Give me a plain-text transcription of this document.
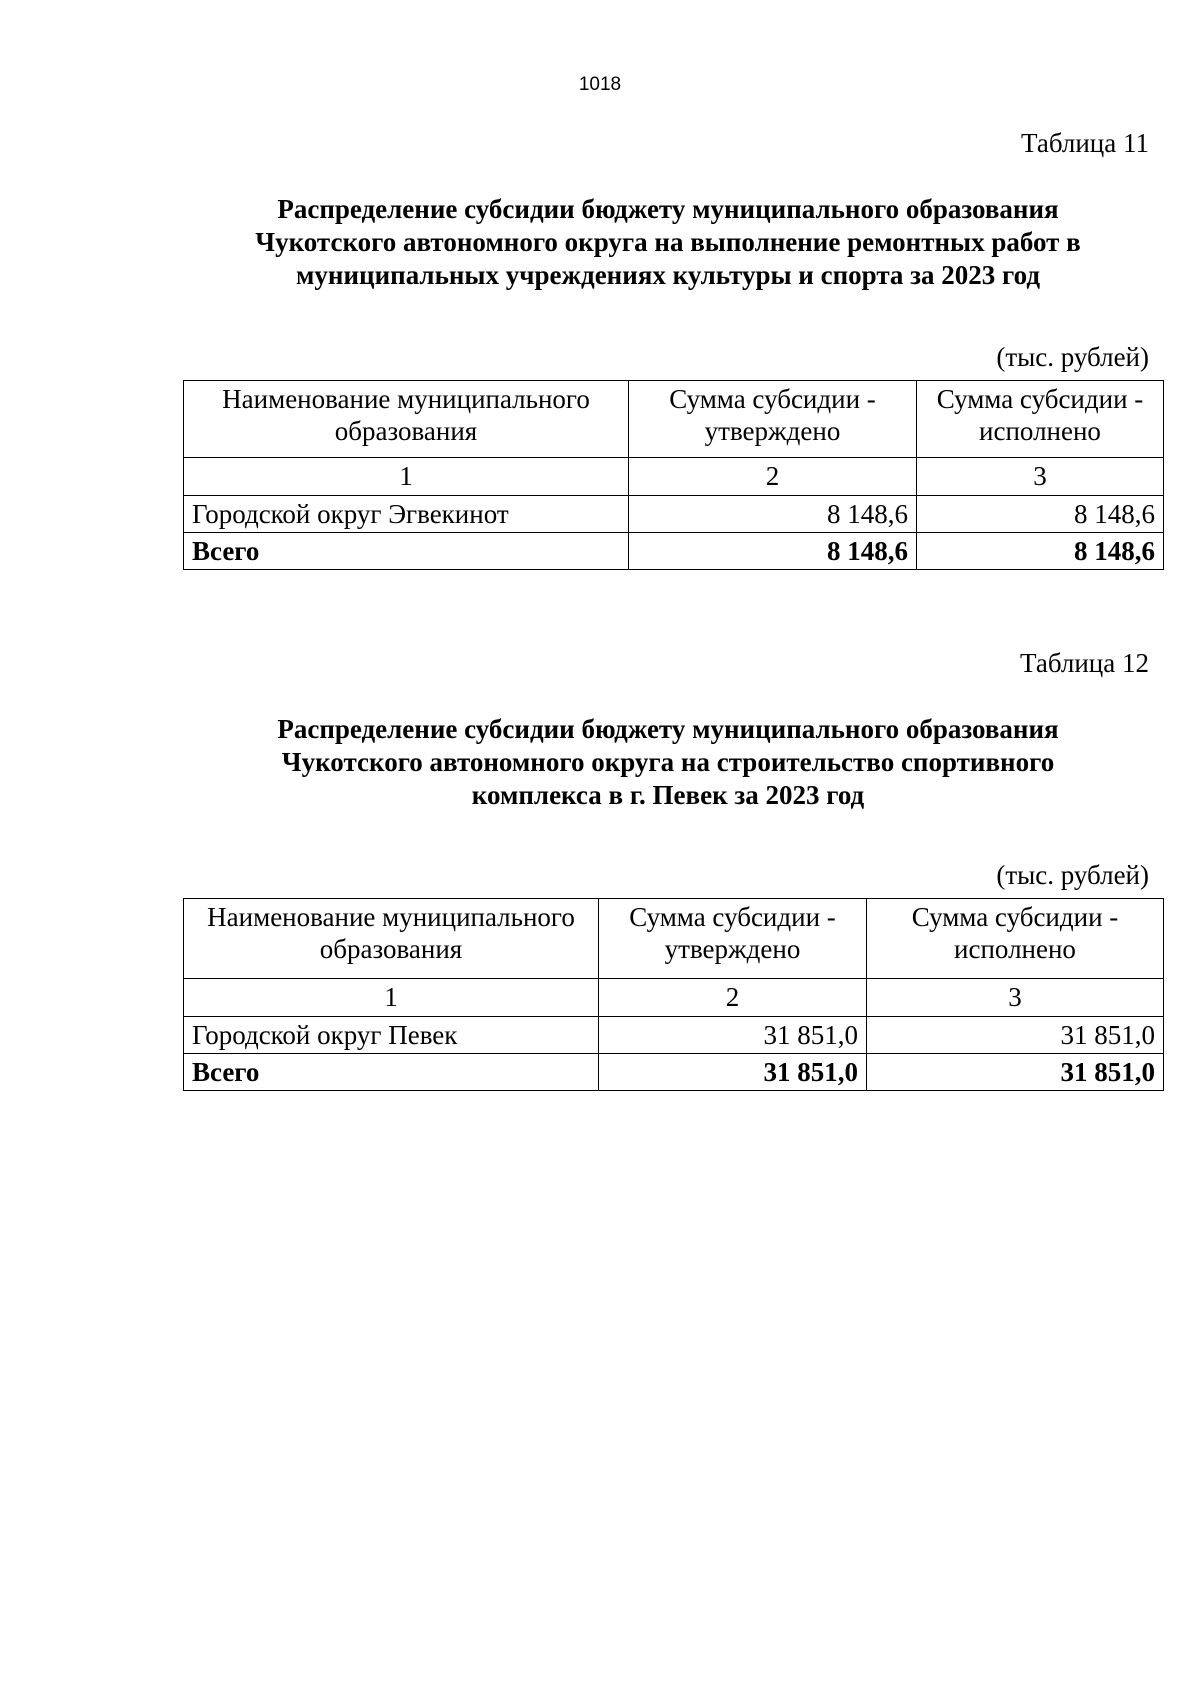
1018
Таблица 11
Распределение субсидии бюджету муниципального образования
Чукотского автономного округа на выполнение ремонтных работ в
муниципальных учреждениях культуры и спорта за 2023 год
(тыс. рублей)
Наименование муниципального образования	Сумма субсидии - утверждено	Сумма субсидии - исполнено
1	2	3
Городской округ Эгвекинот	8 148,6	8 148,6
Всего	8 148,6	8 148,6
Таблица 12
Распределение субсидии бюджету муниципального образования
Чукотского автономного округа на строительство спортивного
комплекса в г. Певек за 2023 год
(тыс. рублей)
Наименование муниципального образования	Сумма субсидии - утверждено	Сумма субсидии - исполнено
1	2	3
Городской округ Певек	31 851,0	31 851,0
Всего	31 851,0	31 851,0
